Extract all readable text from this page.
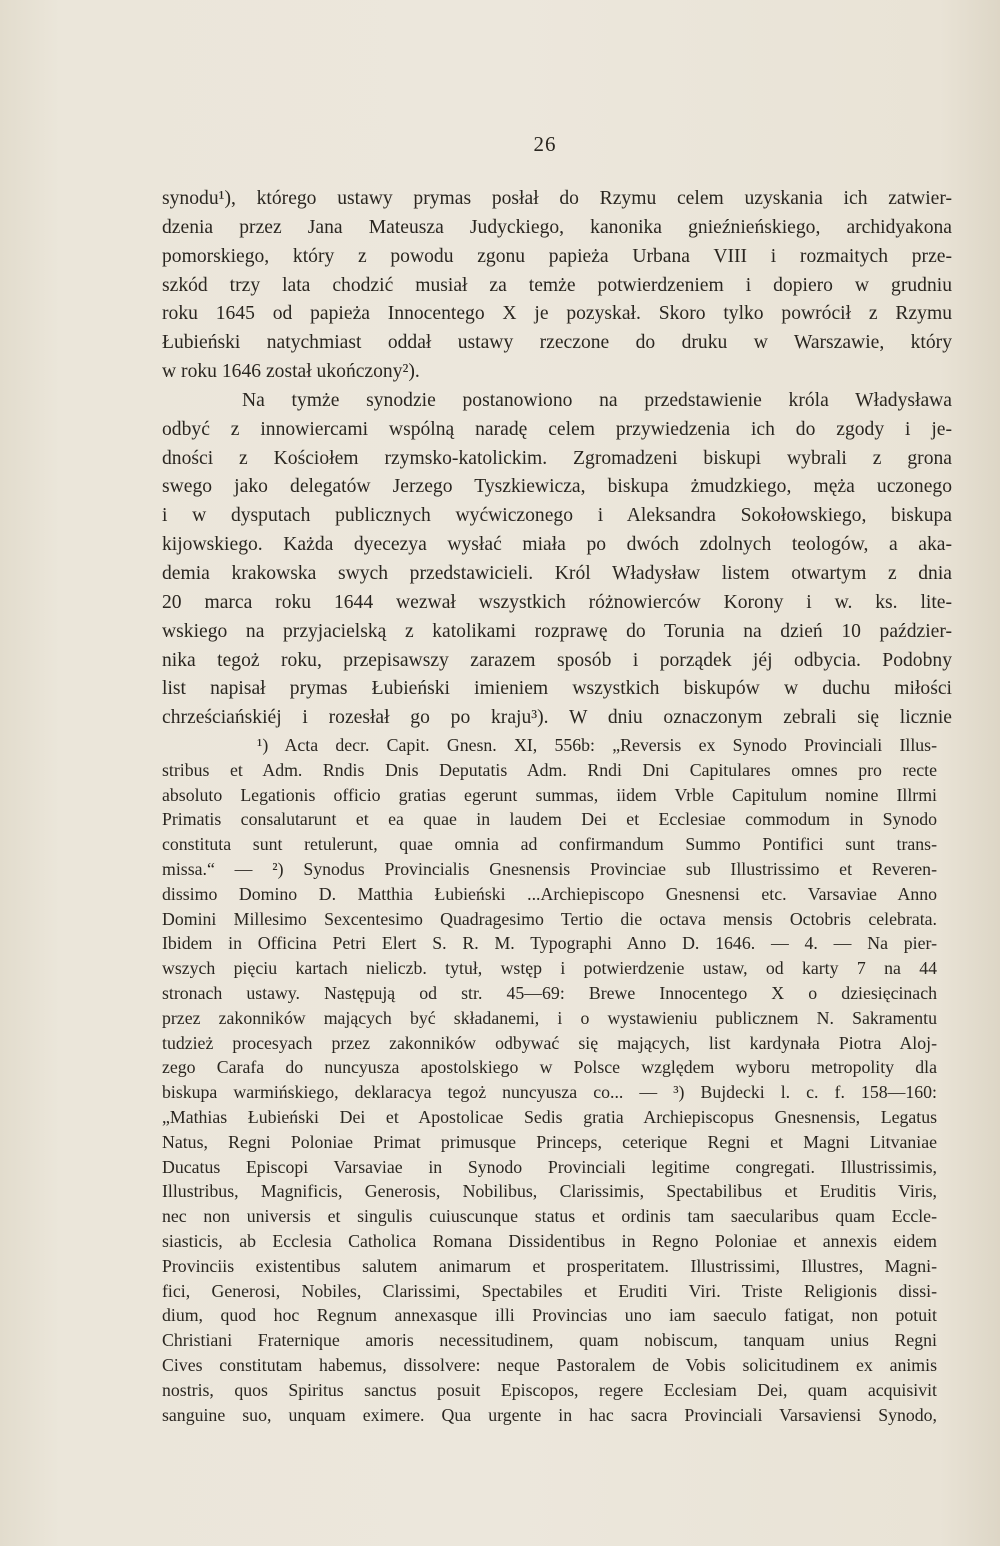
26
synodu¹), którego ustawy prymas posłał do Rzymu celem uzyskania ich zatwier-
dzenia przez Jana Mateusza Judyckiego, kanonika gnieźnieńskiego, archidyakona
pomorskiego, który z powodu zgonu papieża Urbana VIII i rozmaitych prze-
szkód trzy lata chodzić musiał za temże potwierdzeniem i dopiero w grudniu
roku 1645 od papieża Innocentego X je pozyskał. Skoro tylko powrócił z Rzymu
Łubieński natychmiast oddał ustawy rzeczone do druku w Warszawie, który
w roku 1646 został ukończony²).
Na tymże synodzie postanowiono na przedstawienie króla Władysława
odbyć z innowiercami wspólną naradę celem przywiedzenia ich do zgody i je-
dności z Kościołem rzymsko-katolickim. Zgromadzeni biskupi wybrali z grona
swego jako delegatów Jerzego Tyszkiewicza, biskupa żmudzkiego, męża uczonego
i w dysputach publicznych wyćwiczonego i Aleksandra Sokołowskiego, biskupa
kijowskiego. Każda dyecezya wysłać miała po dwóch zdolnych teologów, a aka-
demia krakowska swych przedstawicieli. Król Władysław listem otwartym z dnia
20 marca roku 1644 wezwał wszystkich różnowierców Korony i w. ks. lite-
wskiego na przyjacielską z katolikami rozprawę do Torunia na dzień 10 paździer-
nika tegoż roku, przepisawszy zarazem sposób i porządek jéj odbycia. Podobny
list napisał prymas Łubieński imieniem wszystkich biskupów w duchu miłości
chrześciańskiéj i rozesłał go po kraju³). W dniu oznaczonym zebrali się licznie
¹) Acta decr. Capit. Gnesn. XI, 556b: „Reversis ex Synodo Provinciali Illus-
stribus et Adm. Rndis Dnis Deputatis Adm. Rndi Dni Capitulares omnes pro recte
absoluto Legationis officio gratias egerunt summas, iidem Vrble Capitulum nomine Illrmi
Primatis consalutarunt et ea quae in laudem Dei et Ecclesiae commodum in Synodo
constituta sunt retulerunt, quae omnia ad confirmandum Summo Pontifici sunt trans-
missa.“ — ²) Synodus Provincialis Gnesnensis Provinciae sub Illustrissimo et Reveren-
dissimo Domino D. Matthia Łubieński ...Archiepiscopo Gnesnensi etc. Varsaviae Anno
Domini Millesimo Sexcentesimo Quadragesimo Tertio die octava mensis Octobris celebrata.
Ibidem in Officina Petri Elert S. R. M. Typographi Anno D. 1646. — 4. — Na pier-
wszych pięciu kartach nieliczb. tytuł, wstęp i potwierdzenie ustaw, od karty 7 na 44
stronach ustawy. Następują od str. 45—69: Brewe Innocentego X o dziesięcinach
przez zakonników mających być składanemi, i o wystawieniu publicznem N. Sakramentu
tudzież procesyach przez zakonników odbywać się mających, list kardynała Piotra Aloj-
zego Carafa do nuncyusza apostolskiego w Polsce względem wyboru metropolity dla
biskupa warmińskiego, deklaracya tegoż nuncyusza co... — ³) Bujdecki l. c. f. 158—160:
„Mathias Łubieński Dei et Apostolicae Sedis gratia Archiepiscopus Gnesnensis, Legatus
Natus, Regni Poloniae Primat primusque Princeps, ceterique Regni et Magni Litvaniae
Ducatus Episcopi Varsaviae in Synodo Provinciali legitime congregati. Illustrissimis,
Illustribus, Magnificis, Generosis, Nobilibus, Clarissimis, Spectabilibus et Eruditis Viris,
nec non universis et singulis cuiuscunque status et ordinis tam saecularibus quam Eccle-
siasticis, ab Ecclesia Catholica Romana Dissidentibus in Regno Poloniae et annexis eidem
Provinciis existentibus salutem animarum et prosperitatem. Illustrissimi, Illustres, Magni-
fici, Generosi, Nobiles, Clarissimi, Spectabiles et Eruditi Viri. Triste Religionis dissi-
dium, quod hoc Regnum annexasque illi Provincias uno iam saeculo fatigat, non potuit
Christiani Fraternique amoris necessitudinem, quam nobiscum, tanquam unius Regni
Cives constitutam habemus, dissolvere: neque Pastoralem de Vobis solicitudinem ex animis
nostris, quos Spiritus sanctus posuit Episcopos, regere Ecclesiam Dei, quam acquisivit
sanguine suo, unquam eximere. Qua urgente in hac sacra Provinciali Varsaviensi Synodo,
